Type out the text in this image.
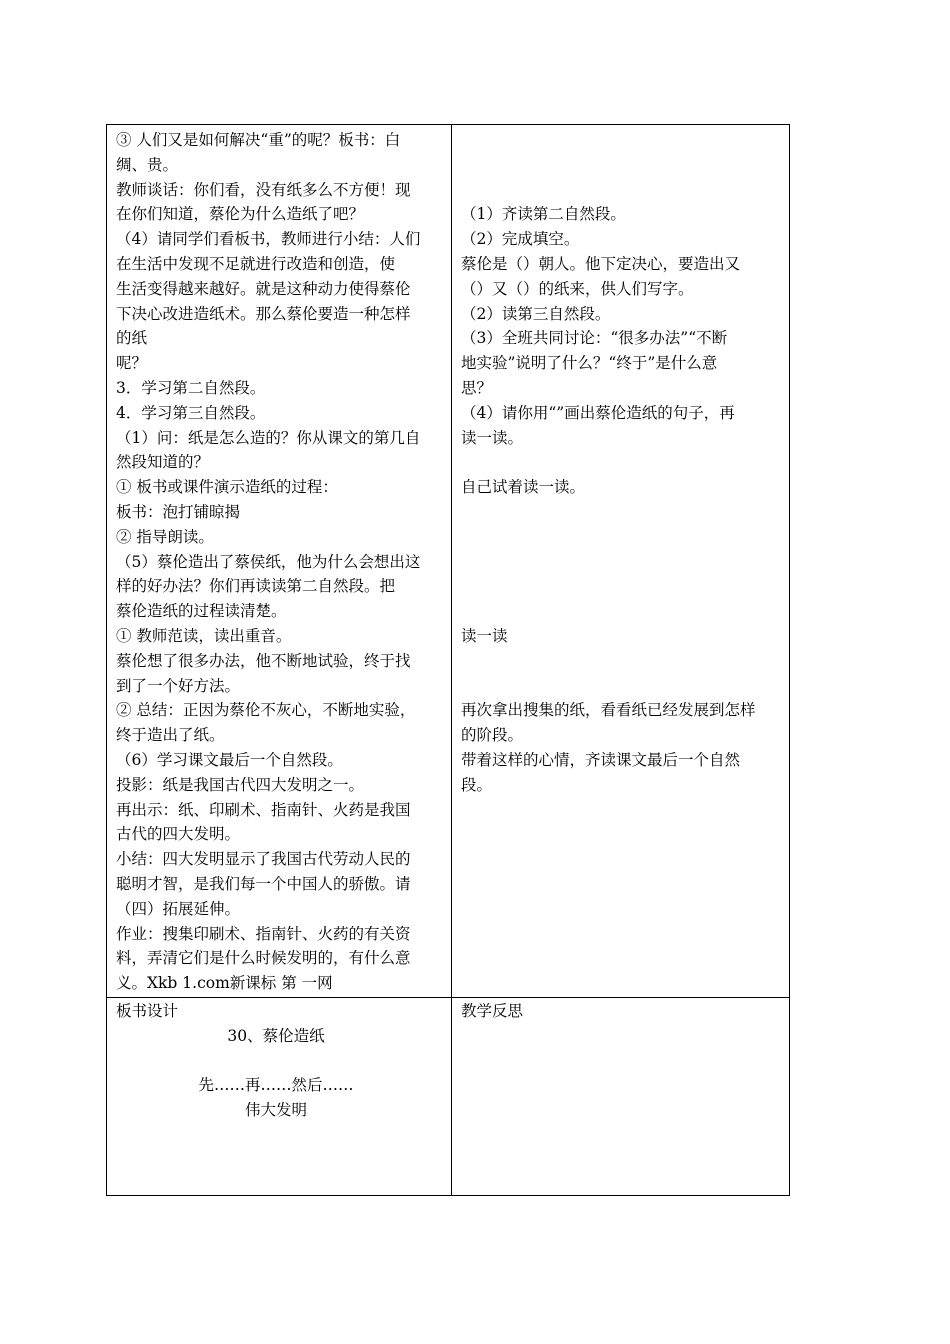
③ 人们又是如何解决“重”的呢？板书：白
绸、贵。
教师谈话：你们看，没有纸多么不方便！现
在你们知道，蔡伦为什么造纸了吧？
（4）请同学们看板书，教师进行小结：人们
在生活中发现不足就进行改造和创造，使
生活变得越来越好。就是这种动力使得蔡伦
下决心改进造纸术。那么蔡伦要造一种怎样
的纸
呢？
3．学习第二自然段。
4．学习第三自然段。
（1）问：纸是怎么造的？你从课文的第几自
然段知道的？
① 板书或课件演示造纸的过程：
板书：泡打铺晾揭
② 指导朗读。
（5）蔡伦造出了蔡侯纸，他为什么会想出这
样的好办法？你们再读读第二自然段。把
蔡伦造纸的过程读清楚。
① 教师范读，读出重音。
蔡伦想了很多办法，他不断地试验，终于找
到了一个好方法。
② 总结：正因为蔡伦不灰心，不断地实验，
终于造出了纸。
（6）学习课文最后一个自然段。
投影：纸是我国古代四大发明之一。
再出示：纸、印刷术、指南针、火药是我国
古代的四大发明。
小结：四大发明显示了我国古代劳动人民的
聪明才智，是我们每一个中国人的骄傲。请
（四）拓展延伸。
作业：搜集印刷术、指南针、火药的有关资
料，弄清它们是什么时候发明的，有什么意
义。Xkb 1.com新课标 第 一网
（1）齐读第二自然段。
（2）完成填空。
蔡伦是（）朝人。他下定决心，要造出又
（）又（）的纸来，供人们写字。
（2）读第三自然段。
（3）全班共同讨论：“很多办法”“不断
地实验”说明了什么？“终于”是什么意
思？
（4）请你用“”画出蔡伦造纸的句子，再
读一读。
自己试着读一读。
读一读
再次拿出搜集的纸，看看纸已经发展到怎样
的阶段。
带着这样的心情，齐读课文最后一个自然
段。
板书设计
30、蔡伦造纸
先……再……然后……
伟大发明
教学反思
